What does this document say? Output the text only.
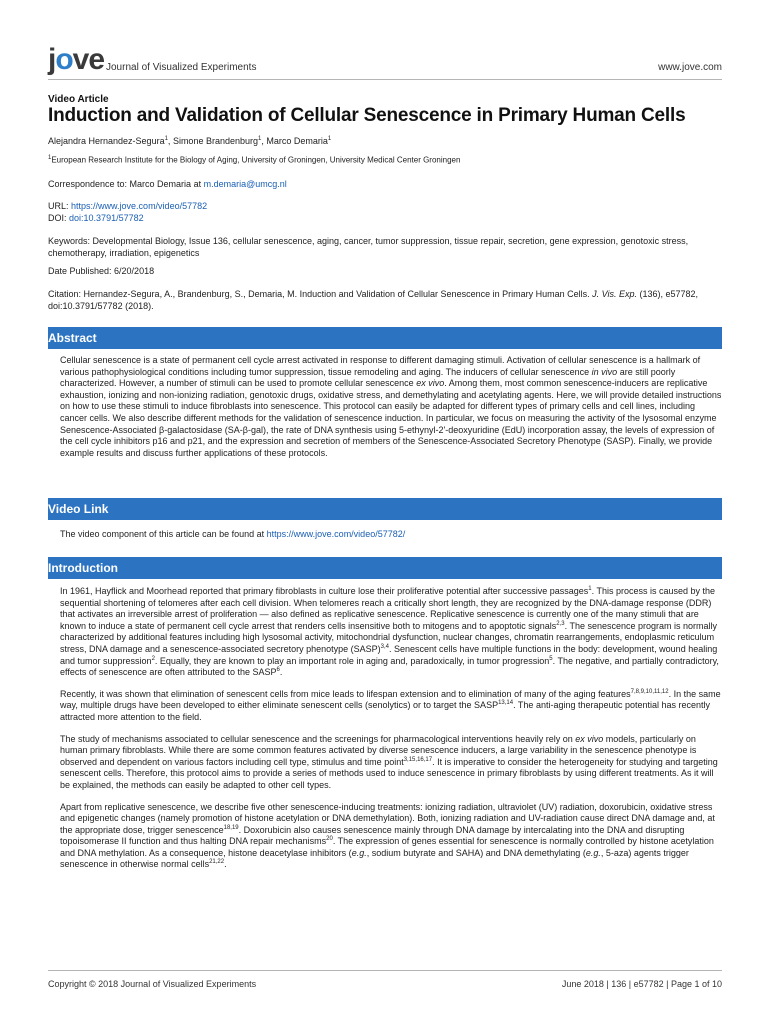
jove Journal of Visualized Experiments	www.jove.com
Video Article
Induction and Validation of Cellular Senescence in Primary Human Cells
Alejandra Hernandez-Segura$^1$, Simone Brandenburg$^1$, Marco Demaria$^1$
$^1$European Research Institute for the Biology of Aging, University of Groningen, University Medical Center Groningen
Correspondence to: Marco Demaria at m.demaria@umcg.nl
URL: https://www.jove.com/video/57782
DOI: doi:10.3791/57782
Keywords: Developmental Biology, Issue 136, cellular senescence, aging, cancer, tumor suppression, tissue repair, secretion, gene expression, genotoxic stress, chemotherapy, irradiation, epigenetics
Date Published: 6/20/2018
Citation: Hernandez-Segura, A., Brandenburg, S., Demaria, M. Induction and Validation of Cellular Senescence in Primary Human Cells. J. Vis. Exp. (136), e57782, doi:10.3791/57782 (2018).
Abstract

Cellular senescence is a state of permanent cell cycle arrest activated in response to different damaging stimuli. Activation of cellular senescence is a hallmark of various pathophysiological conditions including tumor suppression, tissue remodeling and aging. The inducers of cellular senescence in vivo are still poorly characterized. However, a number of stimuli can be used to promote cellular senescence ex vivo. Among them, most common senescence-inducers are replicative exhaustion, ionizing and non-ionizing radiation, genotoxic drugs, oxidative stress, and demethylating and acetylating agents. Here, we will provide detailed instructions on how to use these stimuli to induce fibroblasts into senescence. This protocol can easily be adapted for different types of primary cells and cell lines, including cancer cells. We also describe different methods for the validation of senescence induction. In particular, we focus on measuring the activity of the lysosomal enzyme Senescence-Associated β-galactosidase (SA-β-gal), the rate of DNA synthesis using 5-ethynyl-2'-deoxyuridine (EdU) incorporation assay, the levels of expression of the cell cycle inhibitors p16 and p21, and the expression and secretion of members of the Senescence-Associated Secretory Phenotype (SASP). Finally, we provide example results and discuss further applications of these protocols.

Video Link
The video component of this article can be found at https://www.jove.com/video/57782/
Introduction

In 1961, Hayflick and Moorhead reported that primary fibroblasts in culture lose their proliferative potential after successive passages$^1$. This process is caused by the sequential shortening of telomeres after each cell division. When telomeres reach a critically short length, they are recognized by the DNA-damage response (DDR) that activates an irreversible arrest of proliferation — also defined as replicative senescence. Replicative senescence is currently one of the many stimuli that are known to induce a state of permanent cell cycle arrest that renders cells insensitive both to mitogens and to apoptotic signals$^{2,3}$. The senescence program is normally characterized by additional features including high lysosomal activity, mitochondrial dysfunction, nuclear changes, chromatin rearrangements, endoplasmic reticulum stress, DNA damage and a senescence-associated secretory phenotype (SASP)$^{3,4}$. Senescent cells have multiple functions in the body: development, wound healing and tumor suppression$^2$. Equally, they are known to play an important role in aging and, paradoxically, in tumor progression$^5$. The negative, and partially contradictory, effects of senescence are often attributed to the SASP$^6$.

Recently, it was shown that elimination of senescent cells from mice leads to lifespan extension and to elimination of many of the aging features$^{7,8,9,10,11,12}$. In the same way, multiple drugs have been developed to either eliminate senescent cells (senolytics) or to target the SASP$^{13,14}$. The anti-aging therapeutic potential has recently attracted more attention to the field.

The study of mechanisms associated to cellular senescence and the screenings for pharmacological interventions heavily rely on ex vivo models, particularly on human primary fibroblasts. While there are some common features activated by diverse senescence inducers, a large variability in the senescence phenotype is observed and dependent on various factors including cell type, stimulus and time point$^{3,15,16,17}$. It is imperative to consider the heterogeneity for studying and targeting senescent cells. Therefore, this protocol aims to provide a series of methods used to induce senescence in primary fibroblasts by using different treatments. As it will be explained, the methods can easily be adapted to other cell types.

Apart from replicative senescence, we describe five other senescence-inducing treatments: ionizing radiation, ultraviolet (UV) radiation, doxorubicin, oxidative stress and epigenetic changes (namely promotion of histone acetylation or DNA demethylation). Both, ionizing radiation and UV-radiation cause direct DNA damage and, at the appropriate dose, trigger senescence$^{18,19}$. Doxorubicin also causes senescence mainly through DNA damage by intercalating into the DNA and disrupting topoisomerase II function and thus halting DNA repair mechanisms$^{20}$. The expression of genes essential for senescence is normally controlled by histone acetylation and DNA methylation. As a consequence, histone deacetylase inhibitors (e.g., sodium butyrate and SAHA) and DNA demethylating (e.g., 5-aza) agents trigger senescence in otherwise normal cells$^{21,22}$.

Copyright © 2018 Journal of Visualized Experiments	June 2018 | 136 | e57782 | Page 1 of 10
